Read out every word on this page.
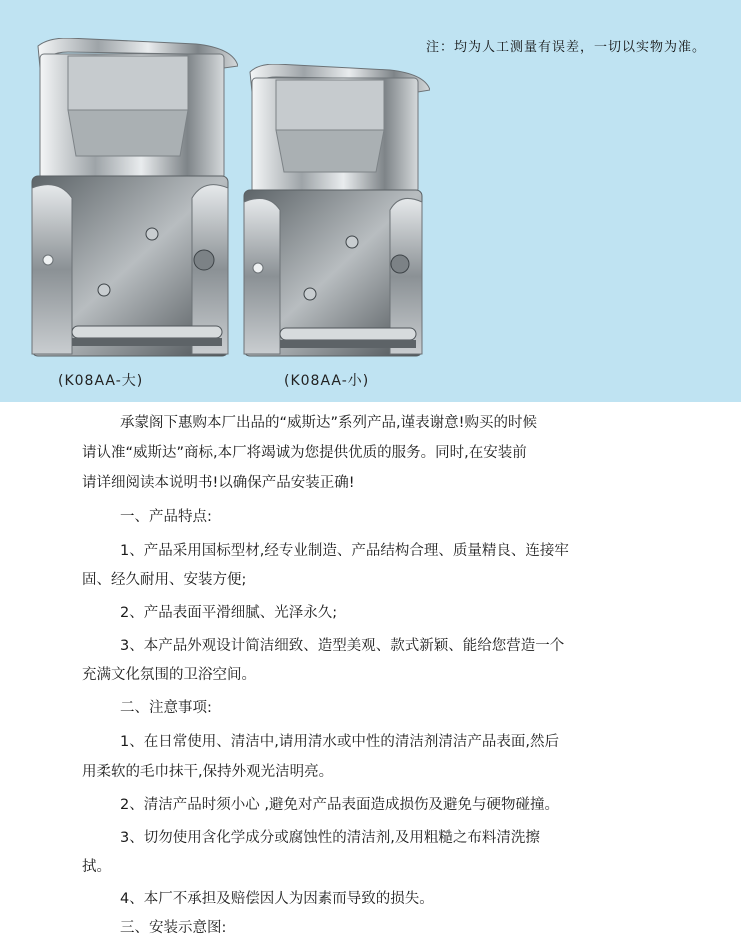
注：均为人工测量有误差，一切以实物为准。
(K08AA-大)	(K08AA-小)
承蒙阁下惠购本厂出品的“威斯达”系列产品,谨表谢意!购买的时候
请认准“威斯达”商标,本厂将竭诚为您提供优质的服务。同时,在安装前
请详细阅读本说明书!以确保产品安装正确!
一、产品特点:
1、产品采用国标型材,经专业制造、产品结构合理、质量精良、连接牢
固、经久耐用、安装方便;
2、产品表面平滑细腻、光泽永久;
3、本产品外观设计简洁细致、造型美观、款式新颖、能给您营造一个
充满文化氛围的卫浴空间。
二、注意事项:
1、在日常使用、清洁中,请用清水或中性的清洁剂清洁产品表面,然后
用柔软的毛巾抹干,保持外观光洁明亮。
2、清洁产品时须小心 ,避免对产品表面造成损伤及避免与硬物碰撞。
3、切勿使用含化学成分或腐蚀性的清洁剂,及用粗糙之布料清洗擦
拭。
4、本厂不承担及赔偿因人为因素而导致的损失。
三、安装示意图:
